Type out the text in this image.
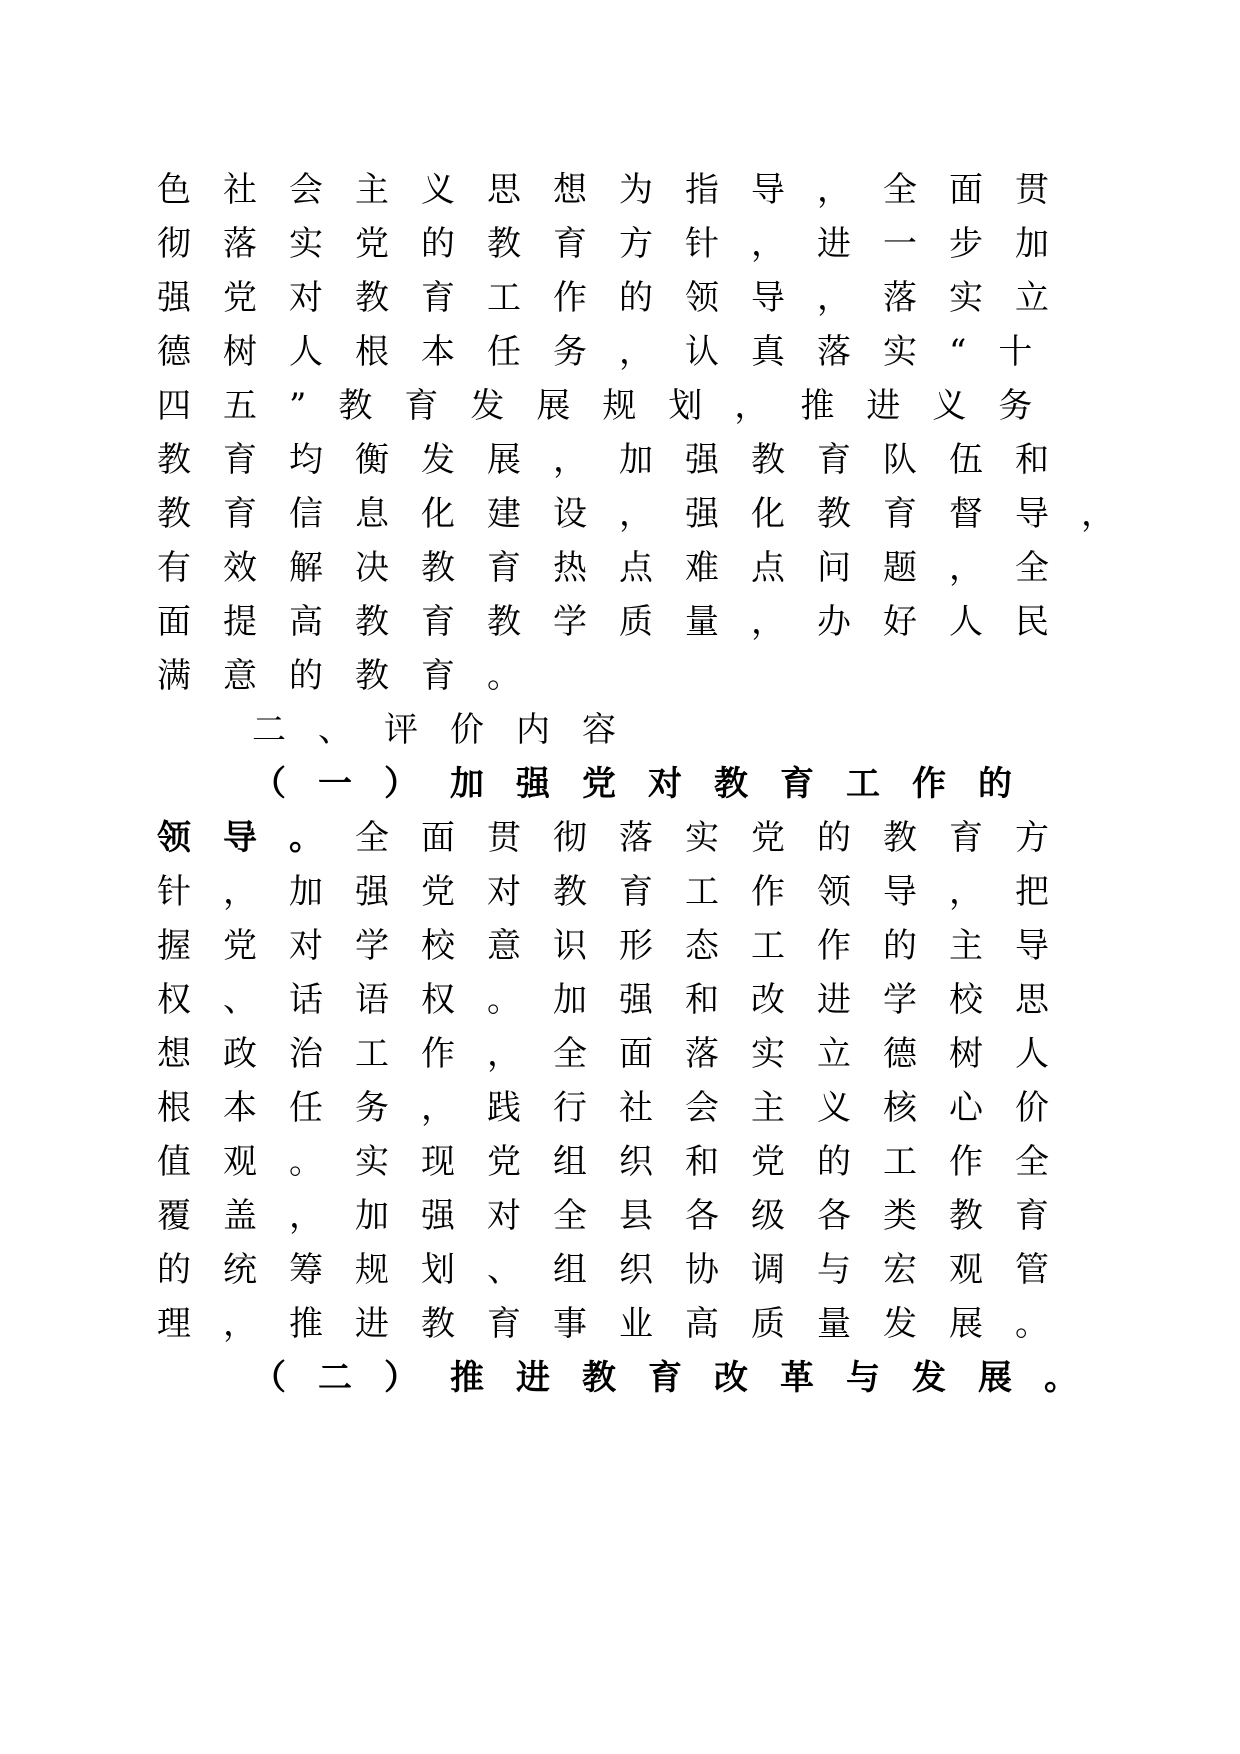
色社会主义思想为指导，全面贯
彻落实党的教育方针，进一步加
强党对教育工作的领导，落实立
德树人根本任务，认真落实“十
四五”教育发展规划，推进义务
教育均衡发展，加强教育队伍和
教育信息化建设，强化教育督导，
有效解决教育热点难点问题，全
面提高教育教学质量，办好人民
满意的教育。
二、评价内容
（一）加强党对教育工作的
领导。全面贯彻落实党的教育方
针，加强党对教育工作领导，把
握党对学校意识形态工作的主导
权、话语权。加强和改进学校思
想政治工作，全面落实立德树人
根本任务，践行社会主义核心价
值观。实现党组织和党的工作全
覆盖，加强对全县各级各类教育
的统筹规划、组织协调与宏观管
理，推进教育事业高质量发展。
（二）推进教育改革与发展。
